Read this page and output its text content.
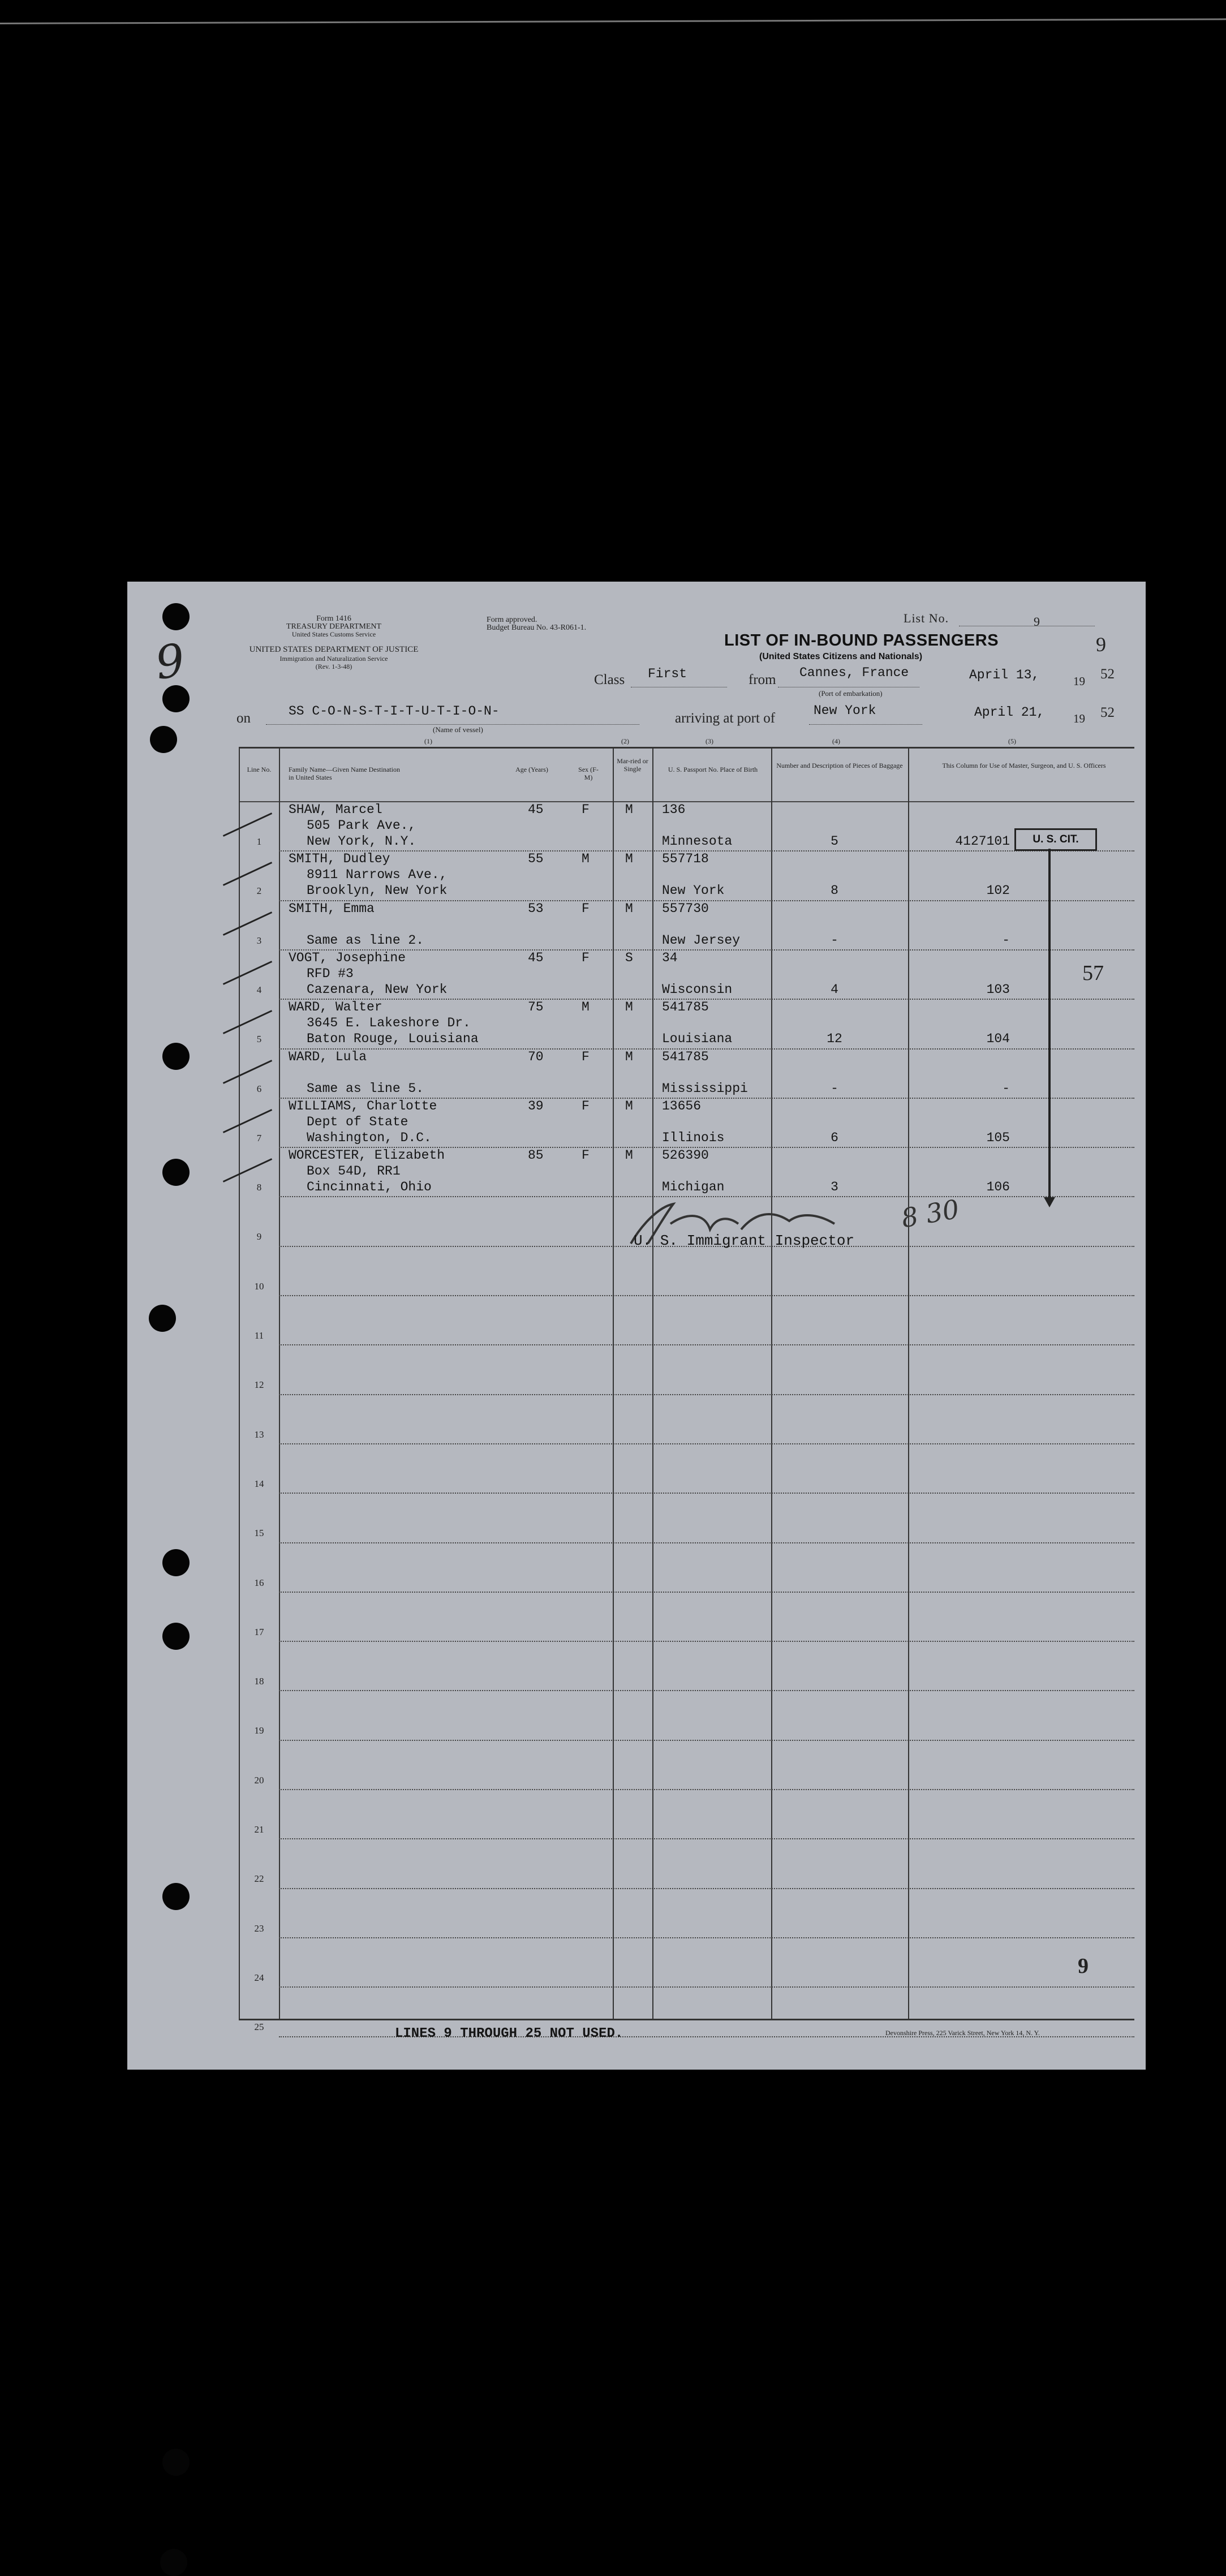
9
Form 1416
TREASURY DEPARTMENT
United States Customs Service
UNITED STATES DEPARTMENT OF JUSTICE
Immigration and Naturalization Service
(Rev. 1-3-48)
Form approved.
Budget Bureau No. 43-R061-1.
List No.	9
9
LIST OF IN-BOUND PASSENGERS
(United States Citizens and Nationals)
Class First	from Cannes, France
(Port of embarkation)
April 13,	19 52
on	SS C-O-N-S-T-I-T-U-T-I-O-N-
(Name of vessel)
arriving at port of	New York	April 21, 19 52
(1)	(2)	(3)	(4)	(5)
Line No.	Family Name—Given Name Destination in United States
Age (Years)	Sex (F-M)
Mar-ried or Single	U. S. Passport No. Place of Birth	Number and Description of Pieces of Baggage	This Column for Use of Master, Surgeon, and U. S. Officers
1
SHAW, Marcel
505 Park Ave.,
New York, N.Y.
45	F	M 136
Minnesota	5	4127101
2
SMITH, Dudley
8911 Narrows Ave.,
Brooklyn, New York
55	M	M 557718
New York	8	102
3
SMITH, Emma
Same as line 2.
53	F	M 557730
New Jersey	-	-
4
VOGT, Josephine
RFD #3
Cazenara, New York
45	F	S 34
Wisconsin	4	103
5
WARD, Walter
3645 E. Lakeshore Dr.
Baton Rouge, Louisiana
75	M	M 541785
Louisiana	12	104
6
WARD, Lula
Same as line 5.
70	F	M 541785
Mississippi	-	-
7
WILLIAMS, Charlotte
Dept of State
Washington, D.C.
39	F	M 13656
Illinois	6	105
8
WORCESTER, Elizabeth
Box 54D, RR1
Cincinnati, Ohio
85	F	M 526390
Michigan	3	106
9
10
11
12
13
14
15
16
17
18
19
20
21
22
23
24
25
U. S. CIT.
57
8 30
U. S. Immigrant Inspector
9
LINES 9 THROUGH 25 NOT USED.	Devonshire Press, 225 Varick Street, New York 14, N. Y.
